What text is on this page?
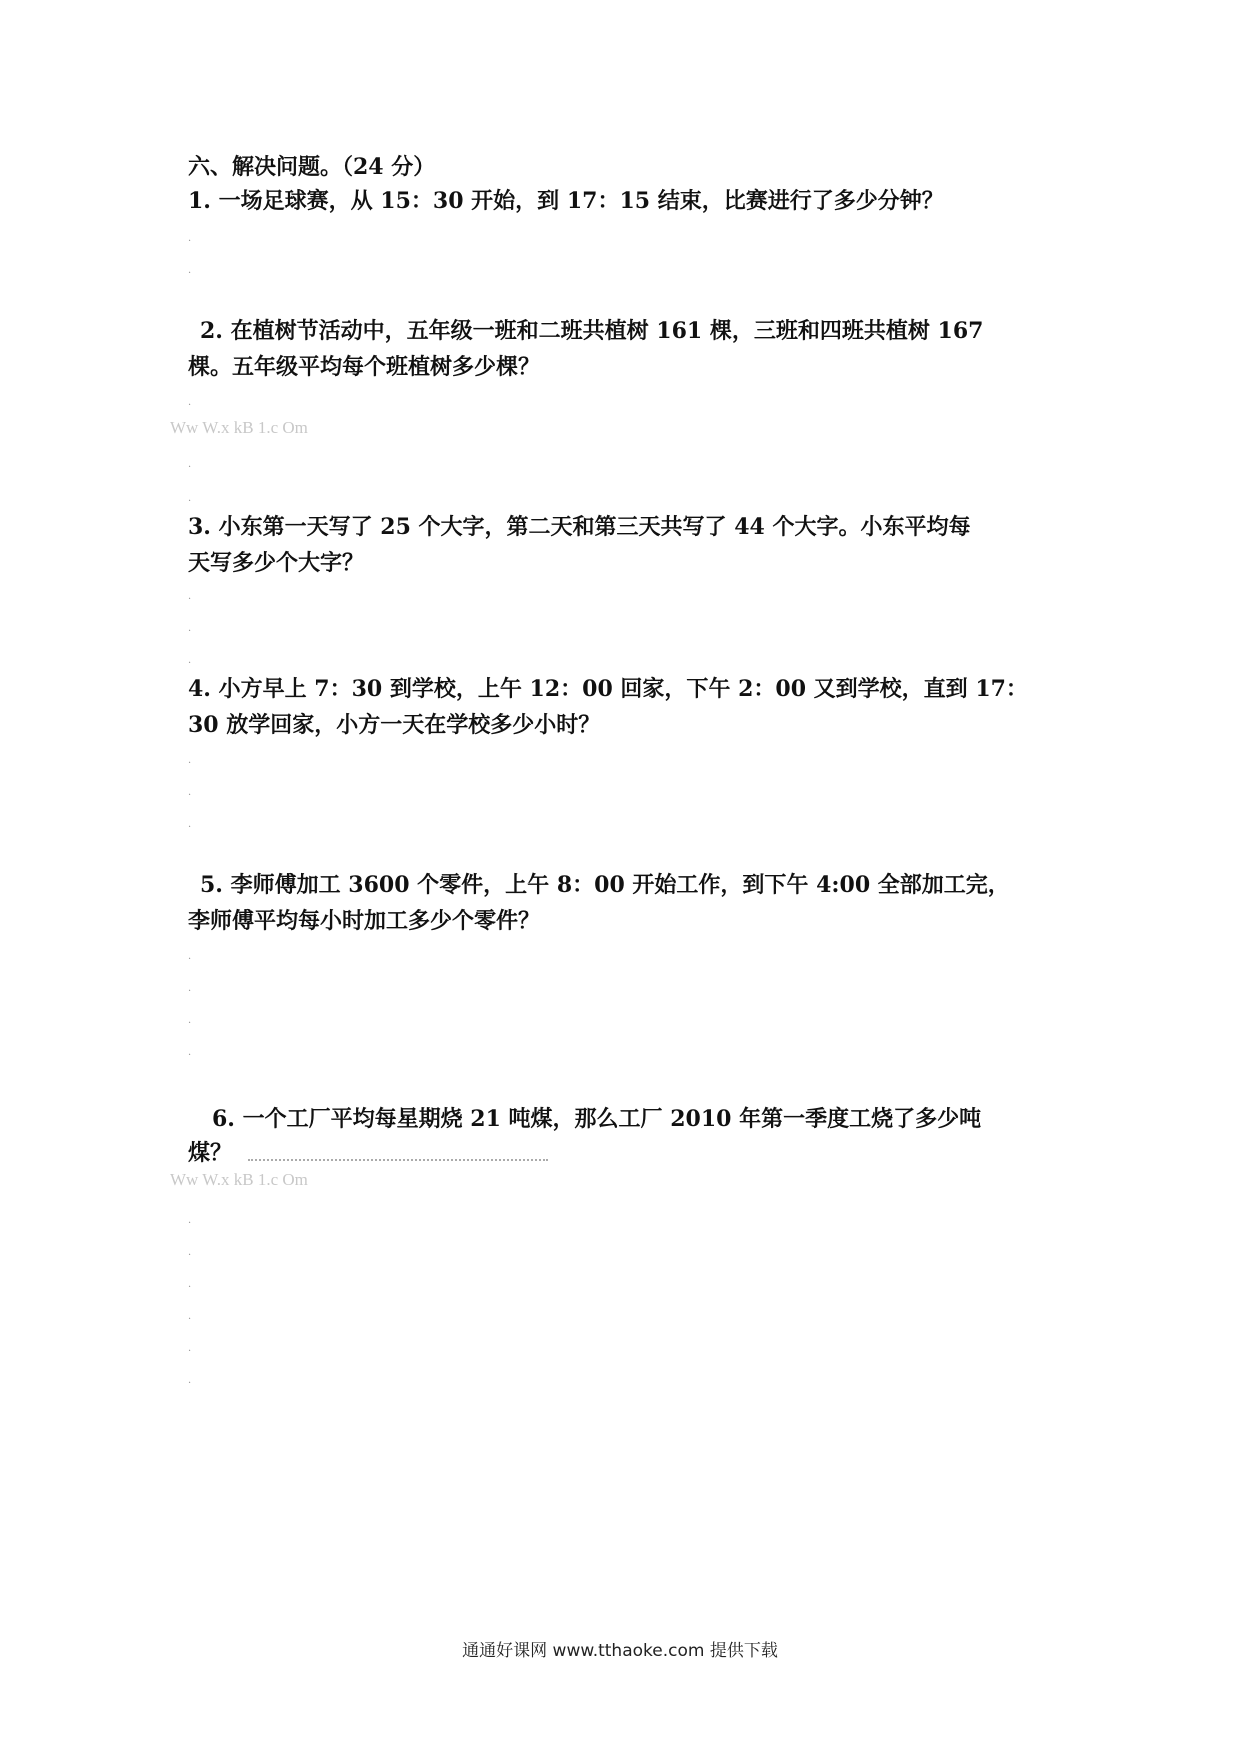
六、解决问题。（24 分）
1. 一场足球赛，从 15：30 开始，到 17：15 结束，比赛进行了多少分钟？
2. 在植树节活动中，五年级一班和二班共植树 161 棵，三班和四班共植树 167
棵。五年级平均每个班植树多少棵？
Ww W.x kB 1.c Om
3. 小东第一天写了 25 个大字，第二天和第三天共写了 44 个大字。小东平均每
天写多少个大字？
4. 小方早上 7：30 到学校，上午 12：00 回家，下午 2：00 又到学校，直到 17：
30 放学回家，小方一天在学校多少小时？
5. 李师傅加工 3600 个零件，上午 8：00 开始工作，到下午 4:00 全部加工完，
李师傅平均每小时加工多少个零件？
6. 一个工厂平均每星期烧 21 吨煤，那么工厂 2010 年第一季度工烧了多少吨
煤？
Ww W.x kB 1.c Om
·
·
·
·
·
·
·
·
·
·
·
·
·
·
·
·
·
·
·
·
·
通通好课网 www.tthaoke.com 提供下载
